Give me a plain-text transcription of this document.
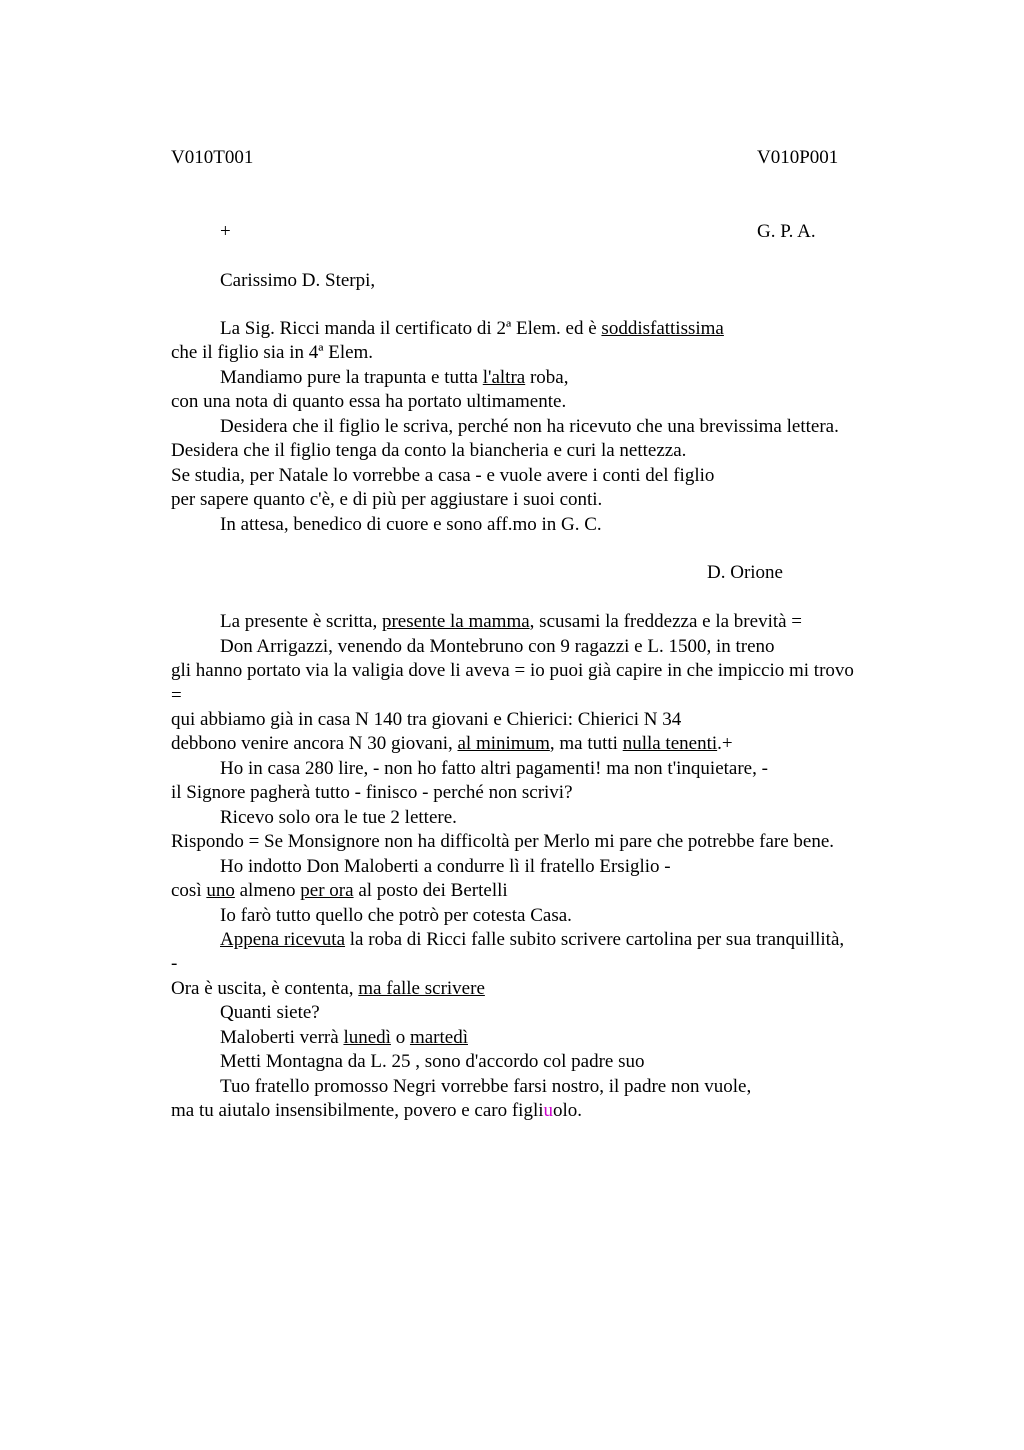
V010T001	V010P001
+	G. P. A.
Carissimo D. Sterpi,
La Sig. Ricci manda il certificato di 2ª Elem. ed è soddisfattissima
che il figlio sia in 4ª Elem.
Mandiamo pure la trapunta e tutta l'altra roba,
con una nota di quanto essa ha portato ultimamente.
Desidera che il figlio le scriva, perché non ha ricevuto che una brevissima lettera.
Desidera che il figlio tenga da conto la biancheria e curi la nettezza.
Se studia, per Natale lo vorrebbe a casa - e vuole avere i conti del figlio
per sapere quanto c'è, e di più per aggiustare i suoi conti.
In attesa, benedico di cuore e sono aff.mo in G. C.
D. Orione
La presente è scritta, presente la mamma, scusami la freddezza e la brevità =
Don Arrigazzi, venendo da Montebruno con 9 ragazzi e L. 1500, in treno
gli hanno portato via la valigia dove li aveva = io puoi già capire in che impiccio mi trovo
=
qui abbiamo già in casa N 140 tra giovani e Chierici: Chierici N 34
debbono venire ancora N 30 giovani, al minimum, ma tutti nulla tenenti.+
Ho in casa 280 lire, - non ho fatto altri pagamenti! ma non t'inquietare, -
il Signore pagherà tutto - finisco - perché non scrivi?
Ricevo solo ora le tue 2 lettere.
Rispondo = Se Monsignore non ha difficoltà per Merlo mi pare che potrebbe fare bene.
Ho indotto Don Maloberti a condurre lì il fratello Ersiglio -
così uno almeno per ora al posto dei Bertelli
Io farò tutto quello che potrò per cotesta Casa.
Appena ricevuta la roba di Ricci falle subito scrivere cartolina per sua tranquillità,
-
Ora è uscita, è contenta, ma falle scrivere
Quanti siete?
Maloberti verrà lunedì o martedì
Metti Montagna da L. 25 , sono d'accordo col padre suo
Tuo fratello promosso Negri vorrebbe farsi nostro, il padre non vuole,
ma tu aiutalo insensibilmente, povero e caro figliuolo.
